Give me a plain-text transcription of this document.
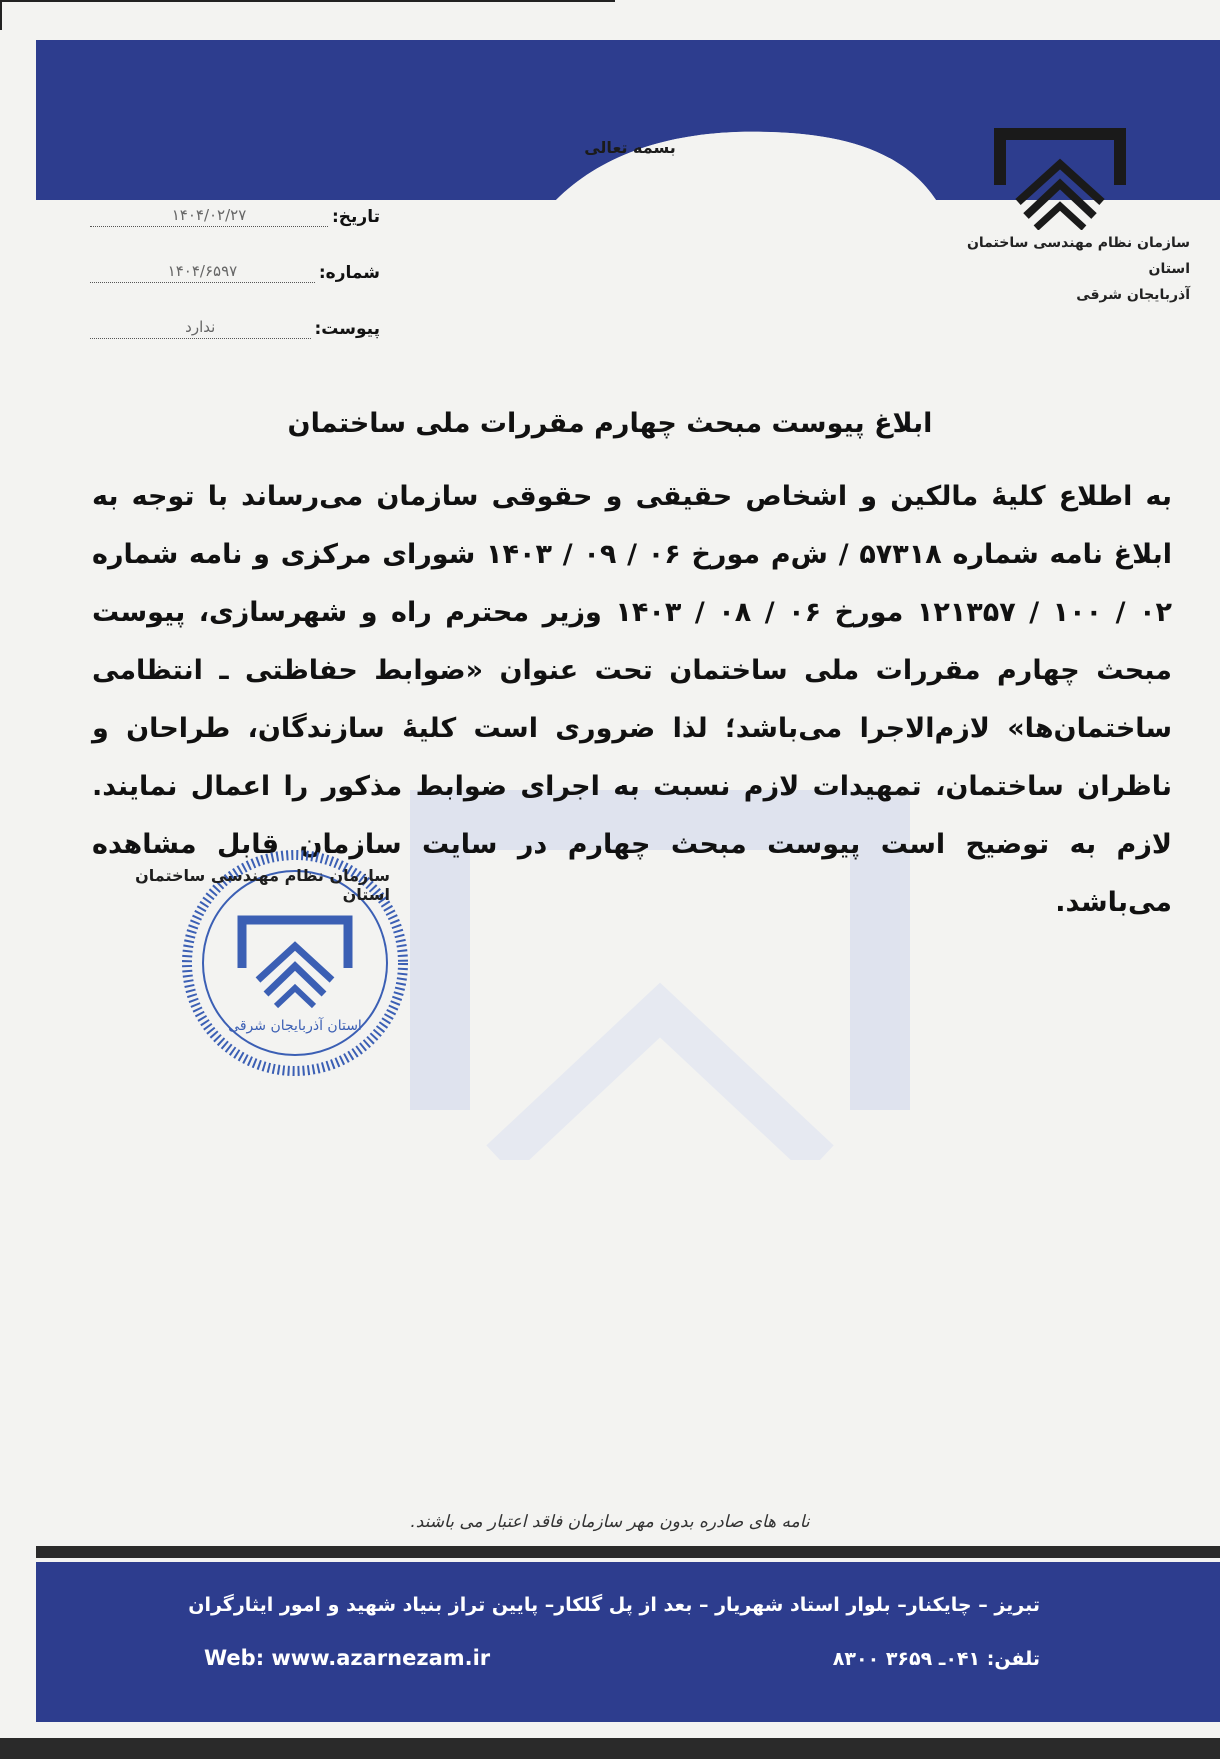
بسمه تعالی
سازمان نظام مهندسی ساختمان استان
آذربایجان شرقی
تاریخ:
۱۴۰۴/۰۲/۲۷
شماره:
۱۴۰۴/۶۵۹۷
پیوست:
ندارد
ابلاغ پیوست مبحث چهارم مقررات ملی ساختمان
به اطلاع کلیهٔ مالکین و اشخاص حقیقی و حقوقی سازمان می‌رساند با توجه به ابلاغ نامه شماره ۵۷۳۱۸ / ش‌م مورخ ۰۶ / ۰۹ / ۱۴۰۳ شورای مرکزی و نامه شماره ۰۲ / ۱۰۰ / ۱۲۱۳۵۷ مورخ ۰۶ / ۰۸ / ۱۴۰۳ وزیر محترم راه و شهرسازی، پیوست مبحث چهارم مقررات ملی ساختمان تحت عنوان «ضوابط حفاظتی ـ انتظامی ساختمان‌ها» لازم‌الاجرا می‌باشد؛ لذا ضروری است کلیهٔ سازندگان، طراحان و ناظران ساختمان، تمهیدات لازم نسبت به اجرای ضوابط مذکور را اعمال نمایند. لازم به توضیح است پیوست مبحث چهارم در سایت سازمان قابل مشاهده می‌باشد.
سازمان نظام مهندسی ساختمان استان
استان آذربایجان شرقی
نامه های صادره بدون مهر سازمان فاقد اعتبار می باشند.
تبریز – چایکنار– بلوار استاد شهریار – بعد از پل گلکار– پایین تراز بنیاد شهید و امور ایثارگران
تلفن: ۰۴۱ـ ۳۶۵۹ ۸۳۰۰
Web: www.azarnezam.ir
